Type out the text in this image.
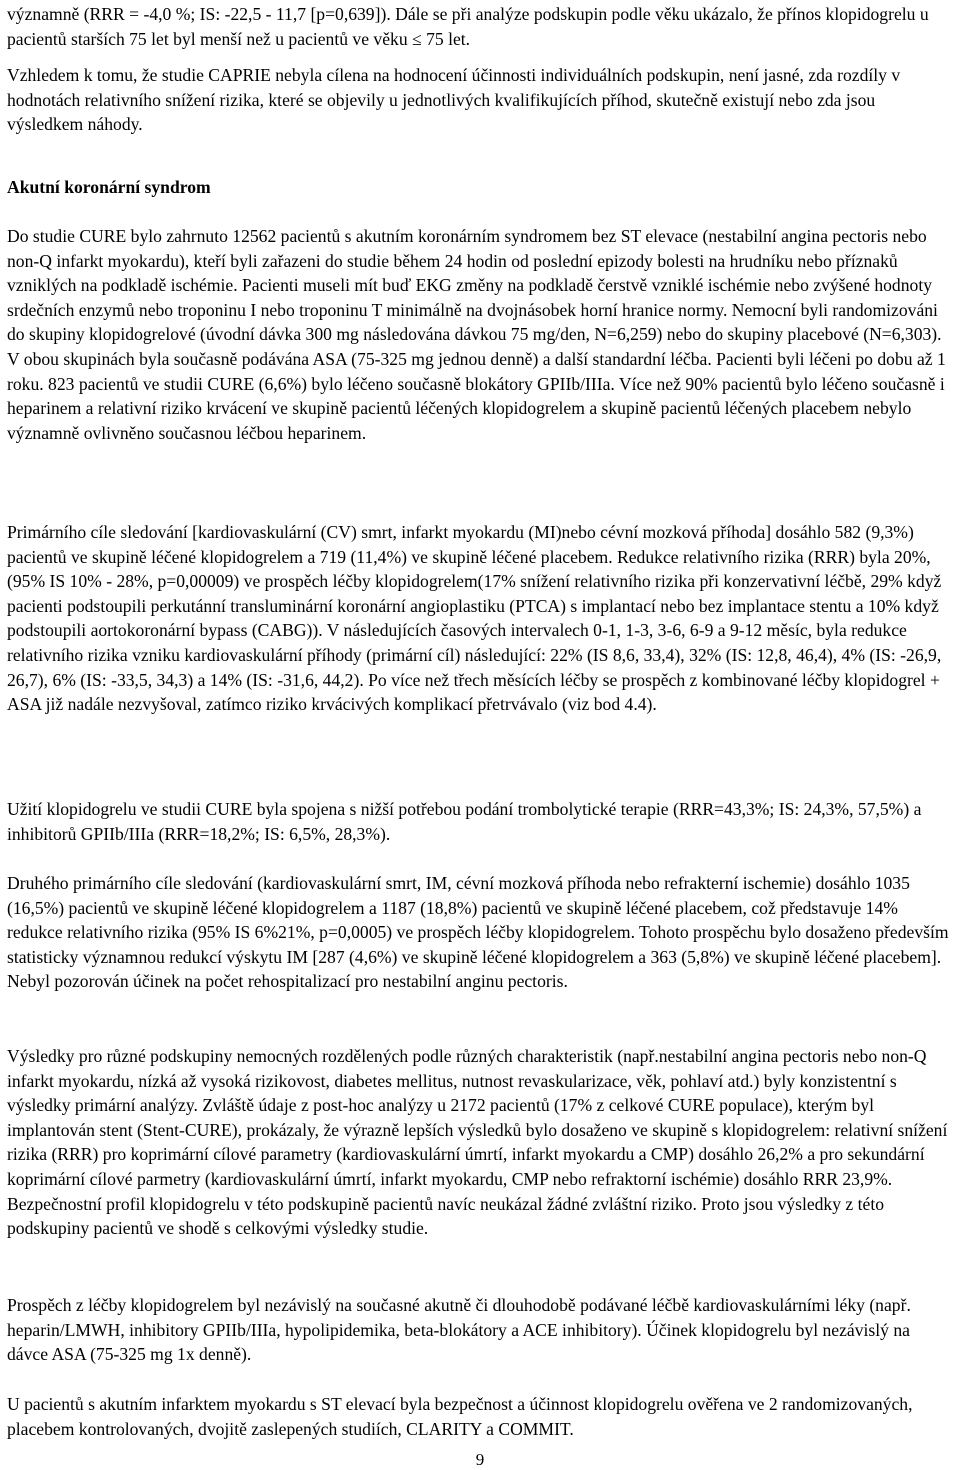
významně (RRR = -4,0 %; IS: -22,5 - 11,7 [p=0,639]). Dále se při analýze podskupin podle věku ukázalo, že přínos klopidogrelu u pacientů starších 75 let byl menší než u pacientů ve věku ≤ 75 let.

Vzhledem k tomu, že studie CAPRIE nebyla cílena na hodnocení účinnosti individuálních podskupin, není jasné, zda rozdíly v hodnotách relativního snížení rizika, které se objevily u jednotlivých kvalifikujících příhod, skutečně existují nebo zda jsou výsledkem náhody.

Akutní koronární syndrom

Do studie CURE bylo zahrnuto 12562 pacientů s akutním koronárním syndromem bez ST elevace (nestabilní angina pectoris nebo non-Q infarkt myokardu), kteří byli zařazeni do studie během 24 hodin od poslední epizody bolesti na hrudníku nebo příznaků vzniklých na podkladě ischémie. Pacienti museli mít buď EKG změny na podkladě čerstvě vzniklé ischémie nebo zvýšené hodnoty srdečních enzymů nebo troponinu I nebo troponinu T minimálně na dvojnásobek horní hranice normy. Nemocní byli randomizováni do skupiny klopidogrelové (úvodní dávka 300 mg následována dávkou 75 mg/den, N=6,259) nebo do skupiny placebové (N=6,303). V obou skupinách byla současně podávána ASA (75-325 mg jednou denně) a další standardní léčba. Pacienti byli léčeni po dobu až 1 roku. 823 pacientů ve studii CURE (6,6%) bylo léčeno současně blokátory GPIIb/IIIa. Více než 90% pacientů bylo léčeno současně i heparinem a relativní riziko krvácení ve skupině pacientů léčených klopidogrelem a skupině pacientů léčených placebem nebylo významně ovlivněno současnou léčbou heparinem.

Primárního cíle sledování [kardiovaskulární (CV) smrt, infarkt myokardu (MI)nebo cévní mozková příhoda] dosáhlo 582 (9,3%) pacientů ve skupině léčené klopidogrelem a 719 (11,4%) ve skupině léčené placebem. Redukce relativního rizika (RRR) byla 20%, (95% IS 10% - 28%, p=0,00009) ve prospěch léčby klopidogrelem(17% snížení relativního rizika při konzervativní léčbě, 29% když pacienti podstoupili perkutánní transluminární koronární angioplastiku (PTCA) s implantací nebo bez implantace stentu a 10% když podstoupili aortokoronární bypass (CABG)). V následujících časových intervalech 0-1, 1-3, 3-6, 6-9 a 9-12 měsíc, byla redukce relativního rizika vzniku kardiovaskulární příhody (primární cíl) následující: 22% (IS 8,6, 33,4), 32% (IS: 12,8, 46,4), 4% (IS: -26,9, 26,7), 6% (IS: -33,5, 34,3) a 14% (IS: -31,6, 44,2). Po více než třech měsících léčby se prospěch z kombinované léčby klopidogrel + ASA již nadále nezvyšoval, zatímco riziko krvácivých komplikací přetrvávalo (viz bod 4.4).

Užití klopidogrelu ve studii CURE byla spojena s nižší potřebou podání trombolytické terapie (RRR=43,3%; IS: 24,3%, 57,5%) a inhibitorů GPIIb/IIIa (RRR=18,2%; IS: 6,5%, 28,3%).

Druhého primárního cíle sledování (kardiovaskulární smrt, IM, cévní mozková příhoda nebo refrakterní ischemie) dosáhlo 1035 (16,5%) pacientů ve skupině léčené klopidogrelem a 1187 (18,8%) pacientů ve skupině léčené placebem, což představuje 14% redukce relativního rizika (95% IS 6%21%, p=0,0005) ve prospěch léčby klopidogrelem. Tohoto prospěchu bylo dosaženo především statisticky významnou redukcí výskytu IM [287 (4,6%) ve skupině léčené klopidogrelem a 363 (5,8%) ve skupině léčené placebem]. Nebyl pozorován účinek na počet rehospitalizací pro nestabilní anginu pectoris.

Výsledky pro různé podskupiny nemocných rozdělených podle různých charakteristik (např.nestabilní angina pectoris nebo non-Q infarkt myokardu, nízká až vysoká rizikovost, diabetes mellitus, nutnost revaskularizace, věk, pohlaví atd.) byly konzistentní s výsledky primární analýzy. Zvláště údaje z post-hoc analýzy u 2172 pacientů (17% z celkové CURE populace), kterým byl implantován stent (Stent-CURE), prokázaly, že výrazně lepších výsledků bylo dosaženo ve skupině s klopidogrelem: relativní snížení rizika (RRR) pro koprimární cílové parametry (kardiovaskulární úmrtí, infarkt myokardu a CMP) dosáhlo 26,2% a pro sekundární koprimární cílové parmetry (kardiovaskulární úmrtí, infarkt myokardu, CMP nebo refraktorní ischémie) dosáhlo RRR 23,9%. Bezpečnostní profil klopidogrelu v této podskupině pacientů navíc neukázal žádné zvláštní riziko. Proto jsou výsledky z této podskupiny pacientů ve shodě s celkovými výsledky studie.

Prospěch z léčby klopidogrelem byl nezávislý na současné akutně či dlouhodobě podávané léčbě kardiovaskulárními léky (např. heparin/LMWH, inhibitory GPIIb/IIIa, hypolipidemika, beta-blokátory a ACE inhibitory). Účinek klopidogrelu byl nezávislý na dávce ASA (75-325 mg 1x denně).

U pacientů s akutním infarktem myokardu s ST elevací byla bezpečnost a účinnost klopidogrelu ověřena ve 2 randomizovaných, placebem kontrolovaných, dvojitě zaslepených studiích, CLARITY a COMMIT.

9
